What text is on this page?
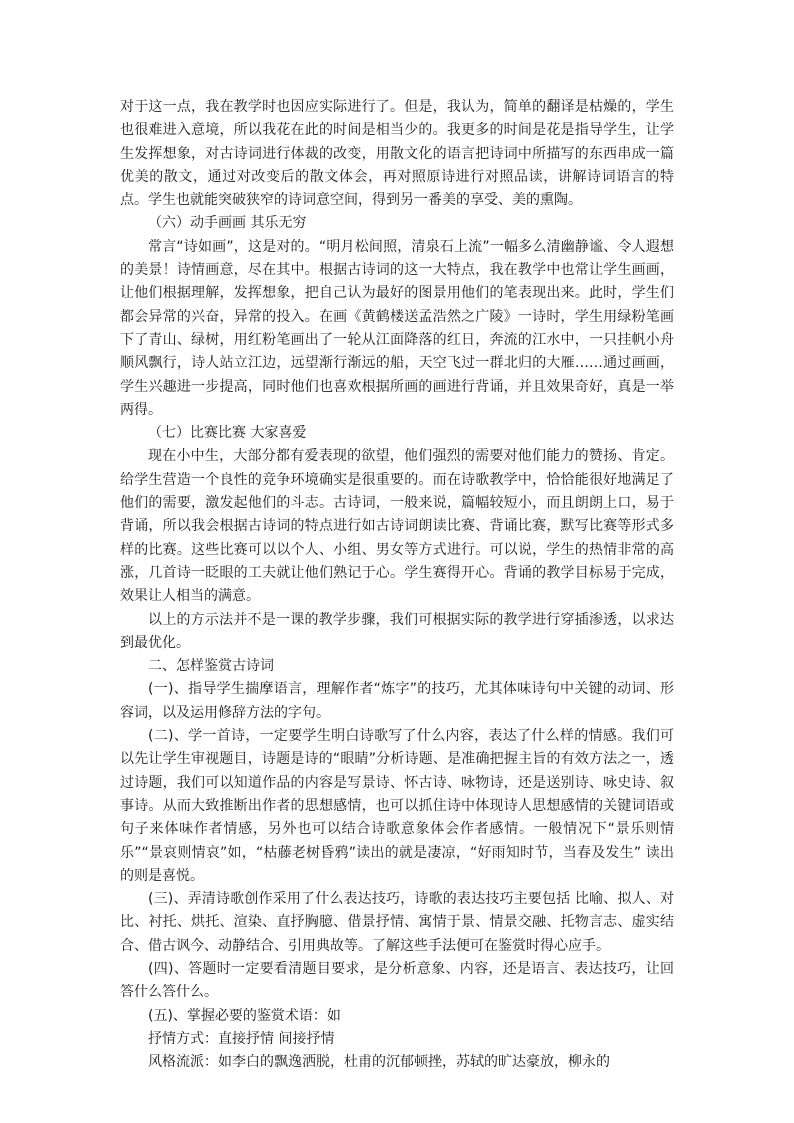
对于这一点，我在教学时也因应实际进行了。但是，我认为，简单的翻译是枯燥的，学生也很难进入意境，所以我花在此的时间是相当少的。我更多的时间是花是指导学生，让学生发挥想象，对古诗词进行体裁的改变，用散文化的语言把诗词中所描写的东西串成一篇优美的散文，通过对改变后的散文体会，再对照原诗进行对照品读，讲解诗词语言的特点。学生也就能突破狭窄的诗词意空间，得到另一番美的享受、美的熏陶。

（六）动手画画 其乐无穷

常言“诗如画”，这是对的。“明月松间照，清泉石上流”一幅多么清幽静谧、令人遐想的美景！诗情画意，尽在其中。根据古诗词的这一大特点，我在教学中也常让学生画画，让他们根据理解，发挥想象，把自己认为最好的图景用他们的笔表现出来。此时，学生们都会异常的兴奋，异常的投入。在画《黄鹤楼送孟浩然之广陵》一诗时，学生用绿粉笔画下了青山、绿树，用红粉笔画出了一轮从江面降落的红日，奔流的江水中，一只挂帆小舟顺风飘行，诗人站立江边，远望渐行渐远的船，天空飞过一群北归的大雁……通过画画，学生兴趣进一步提高，同时他们也喜欢根据所画的画进行背诵，并且效果奇好，真是一举两得。

（七）比赛比赛 大家喜爱

现在小中生，大部分都有爱表现的欲望，他们强烈的需要对他们能力的赞扬、肯定。给学生营造一个良性的竞争环境确实是很重要的。而在诗歌教学中，恰恰能很好地满足了他们的需要，激发起他们的斗志。古诗词，一般来说，篇幅较短小，而且朗朗上口，易于背诵，所以我会根据古诗词的特点进行如古诗词朗读比赛、背诵比赛，默写比赛等形式多样的比赛。这些比赛可以以个人、小组、男女等方式进行。可以说，学生的热情非常的高涨，几首诗一眨眼的工夫就让他们熟记于心。学生赛得开心。背诵的教学目标易于完成，效果让人相当的满意。

以上的方示法并不是一课的教学步骤，我们可根据实际的教学进行穿插渗透，以求达到最优化。

二、怎样鉴赏古诗词

(一)、指导学生揣摩语言，理解作者“炼字”的技巧，尤其体味诗句中关键的动词、形容词，以及运用修辞方法的字句。

(二)、学一首诗，一定要学生明白诗歌写了什么内容，表达了什么样的情感。我们可以先让学生审视题目，诗题是诗的“眼睛”分析诗题、是准确把握主旨的有效方法之一，透过诗题，我们可以知道作品的内容是写景诗、怀古诗、咏物诗，还是送别诗、咏史诗、叙事诗。从而大致推断出作者的思想感情，也可以抓住诗中体现诗人思想感情的关键词语或句子来体味作者情感，另外也可以结合诗歌意象体会作者感情。一般情况下“景乐则情乐”“景哀则情哀”如，“枯藤老树昏鸦”读出的就是凄凉，“好雨知时节，当春及发生” 读出的则是喜悦。

(三)、弄清诗歌创作采用了什么表达技巧，诗歌的表达技巧主要包括 比喻、拟人、对比、衬托、烘托、渲染、直抒胸臆、借景抒情、寓情于景、情景交融、托物言志、虚实结合、借古讽今、动静结合、引用典故等。了解这些手法便可在鉴赏时得心应手。

(四)、答题时一定要看清题目要求，是分析意象、内容，还是语言、表达技巧，让回答什么答什么。

(五)、掌握必要的鉴赏术语：如

抒情方式：直接抒情 间接抒情

风格流派：如李白的飘逸洒脱，杜甫的沉郁顿挫，苏轼的旷达豪放，柳永的
